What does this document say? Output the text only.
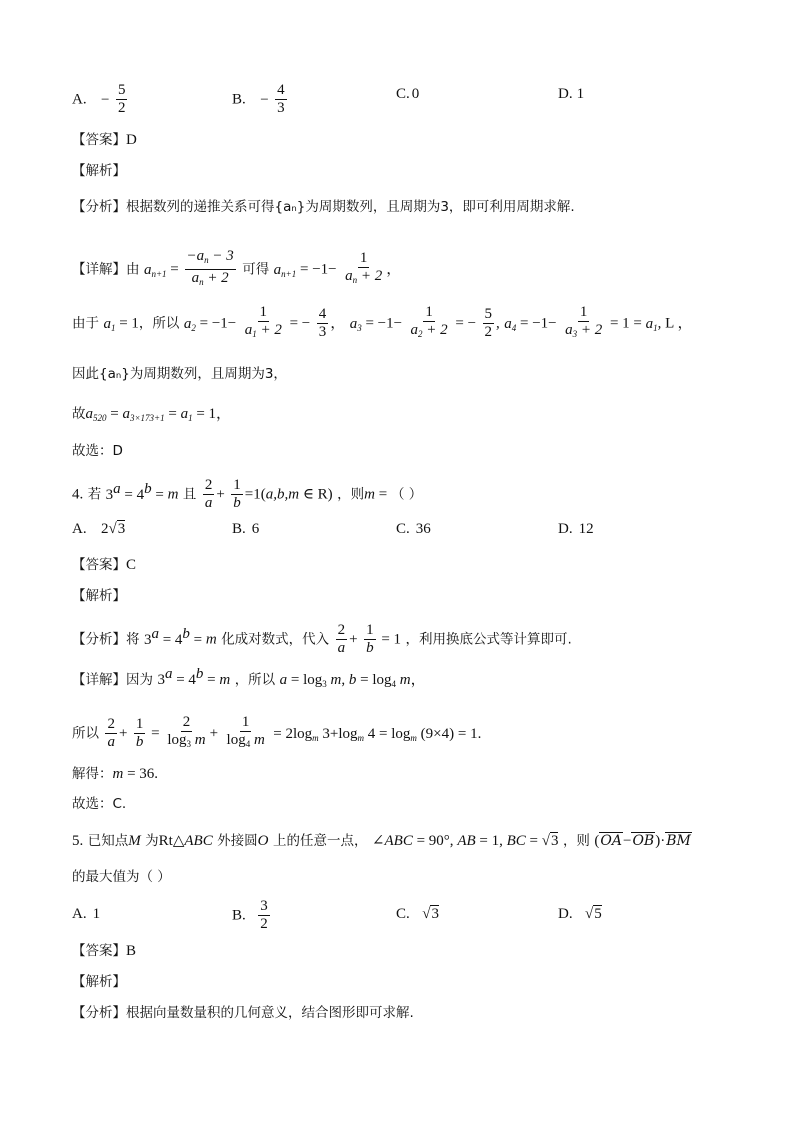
A. − $\frac{5}{2}$	B. − $\frac{4}{3}$	C. 0	D. 1
【答案】D
【解析】
【分析】根据数列的递推关系可得{aₙ}为周期数列，且周期为3，即可利用周期求解.
【详解】由 $a_{n+1} = \frac{-a_n - 3}{a_n + 2}$ 可得 $a_{n+1} = -1- \frac{1}{a_n + 2}$ ，
由于 $a_1 = 1$，所以 $a_2 = -1- \frac{1}{a_1 + 2}$ = − $\frac{4}{3}$ ， $a_3 = -1- \frac{1}{a_2 + 2}$ = − $\frac{5}{2}$ , $a_4 = -1- \frac{1}{a_3 + 2} = 1 = a_1$, L ，
因此{aₙ}为周期数列，且周期为3，
故$a_{520} = a_{3\times 173+1} = a_1 = 1$，
故选：D
4. 若 $3^a = 4^b = m$ 且 $\frac{2}{a} + \frac{1}{b} =1(a,b,m$ ∈ R) ，则m = （ ）
A. 2√3	B. 6	C. 36	D. 12
【答案】C
【解析】
【分析】将 $3^a = 4^b = m$ 化成对数式，代入 $\frac{2}{a} + \frac{1}{b} = 1$ ，利用换底公式等计算即可.
【详解】因为 $3^a = 4^b = m$ ，所以 $a = \log_3 m$, $b = \log_4 m$，
所以 $\frac{2}{a} + \frac{1}{b} = \frac{2}{\log_3 m} + \frac{1}{\log_4 m} = 2\log_m$ $3+\log_m$ $4 = \log_m (9\times 4) = 1$.
解得：m = 36.
故选：C.
5. 已知点M 为Rt△ABC 外接圆O 上的任意一点， ∠ABC = 90°, AB = 1, BC = √3 ，则 (OA−OB)·BM
的最大值为（ ）
A. 1	B. $\frac{3}{2}$	C. √3	D. √5
【答案】B
【解析】
【分析】根据向量数量积的几何意义，结合图形即可求解.
